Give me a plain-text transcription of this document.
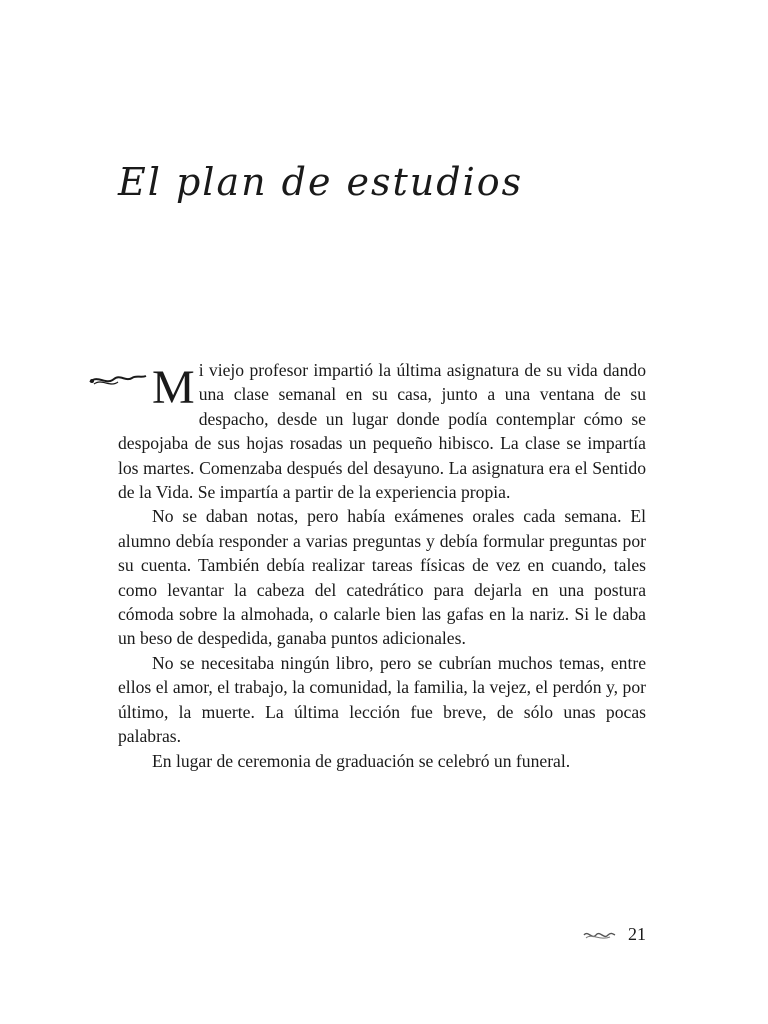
El plan de estudios

Mi viejo profesor impartió la última asignatura de su vida dando una clase semanal en su casa, junto a una ventana de su despacho, desde un lugar donde podía contemplar cómo se despojaba de sus hojas rosadas un pequeño hibisco. La clase se impartía los martes. Comenzaba después del desayuno. La asignatura era el Sentido de la Vida. Se impartía a partir de la experiencia propia.

No se daban notas, pero había exámenes orales cada semana. El alumno debía responder a varias preguntas y debía formular preguntas por su cuenta. También debía realizar tareas físicas de vez en cuando, tales como levantar la cabeza del catedrático para dejarla en una postura cómoda sobre la almohada, o calarle bien las gafas en la nariz. Si le daba un beso de despedida, ganaba puntos adicionales.

No se necesitaba ningún libro, pero se cubrían muchos temas, entre ellos el amor, el trabajo, la comunidad, la familia, la vejez, el perdón y, por último, la muerte. La última lección fue breve, de sólo unas pocas palabras.

En lugar de ceremonia de graduación se celebró un funeral.

21
